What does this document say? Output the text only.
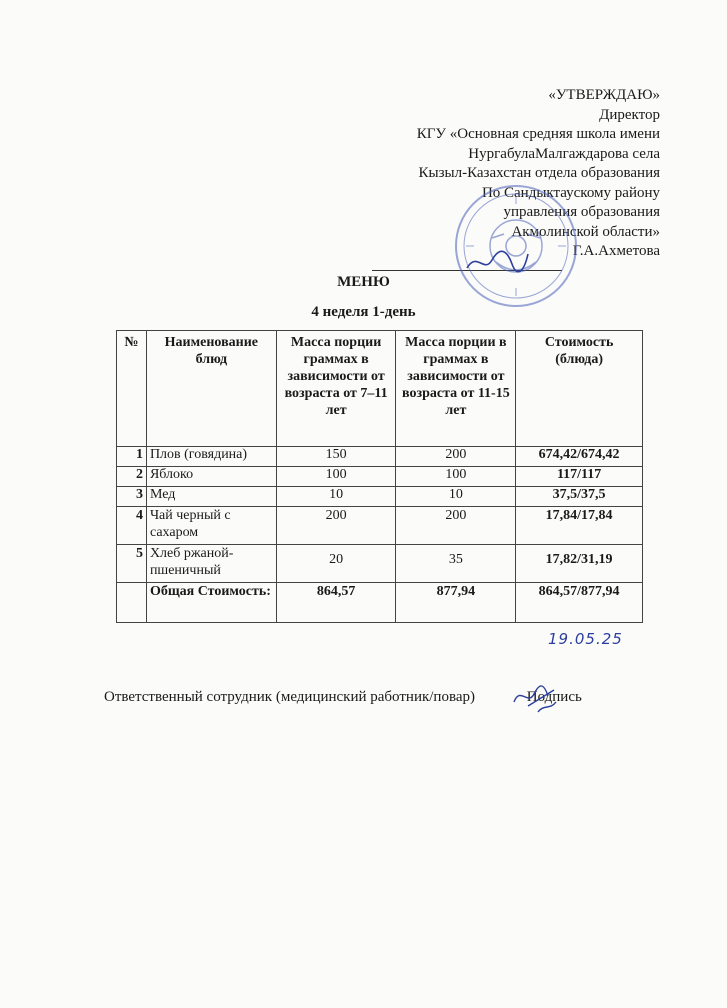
«УТВЕРЖДАЮ»
Директор
КГУ «Основная средняя школа имени
НургабулаМалгаждарова села
Кызыл-Казахстан отдела образования
По Сандыктаускому району
управления образования
Акмолинской области»
Г.А.Ахметова
МЕНЮ
4 неделя 1-день
№	Наименование блюд	Масса порции граммах в зависимости от возраста от 7–11 лет	Масса порции в граммах в зависимости от возраста от 11-15 лет	Стоимость (блюда)
1	Плов (говядина)	150	200	674,42/674,42
2	Яблоко	100	100	117/117
3	Мед	10	10	37,5/37,5
4	Чай черный с сахаром	200	200	17,84/17,84
5	Хлеб ржаной-пшеничный	20	35	17,82/31,19
	Общая Стоимость:	864,57	877,94	864,57/877,94
19.05.25
Ответственный сотрудник (медицинский работник/повар)	Подпись
